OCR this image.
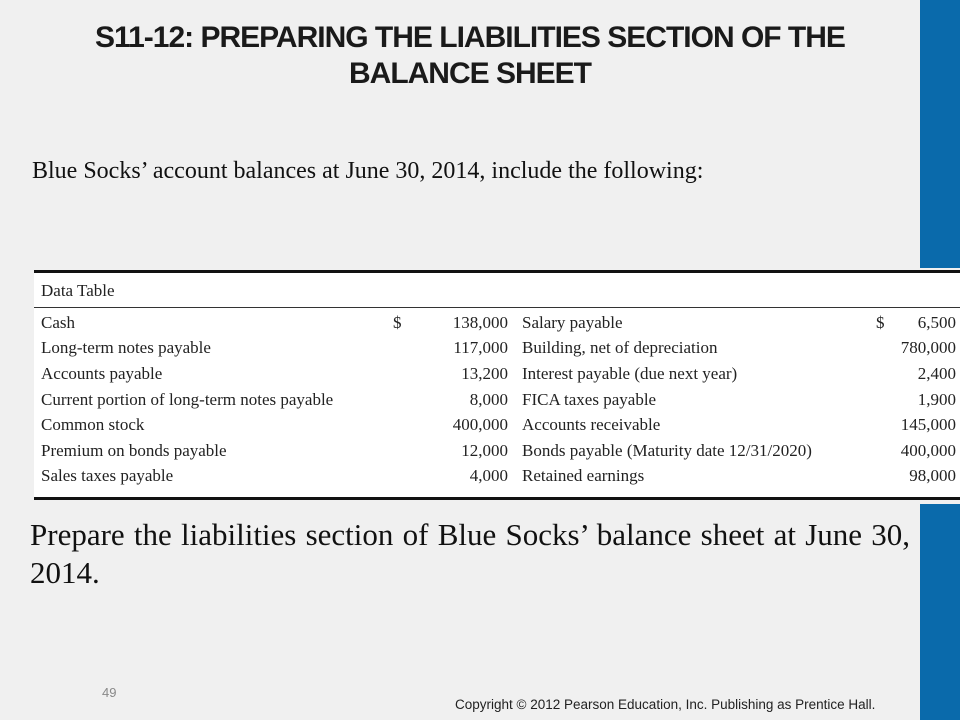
S11-12: PREPARING THE LIABILITIES SECTION OF THE
BALANCE SHEET
Blue Socks’ account balances at June 30, 2014, include the following:
Data Table
Cash	$	138,000		Salary payable	$	6,500
Long-term notes payable		117,000		Building, net of depreciation		780,000
Accounts payable		13,200		Interest payable (due next year)		2,400
Current portion of long-term notes payable		8,000		FICA taxes payable		1,900
Common stock		400,000		Accounts receivable		145,000
Premium on bonds payable		12,000		Bonds payable (Maturity date 12/31/2020)		400,000
Sales taxes payable		4,000		Retained earnings		98,000
Prepare the liabilities section of Blue Socks’ balance sheet at June 30, 2014.
49
Copyright © 2012 Pearson Education, Inc. Publishing as Prentice Hall.
